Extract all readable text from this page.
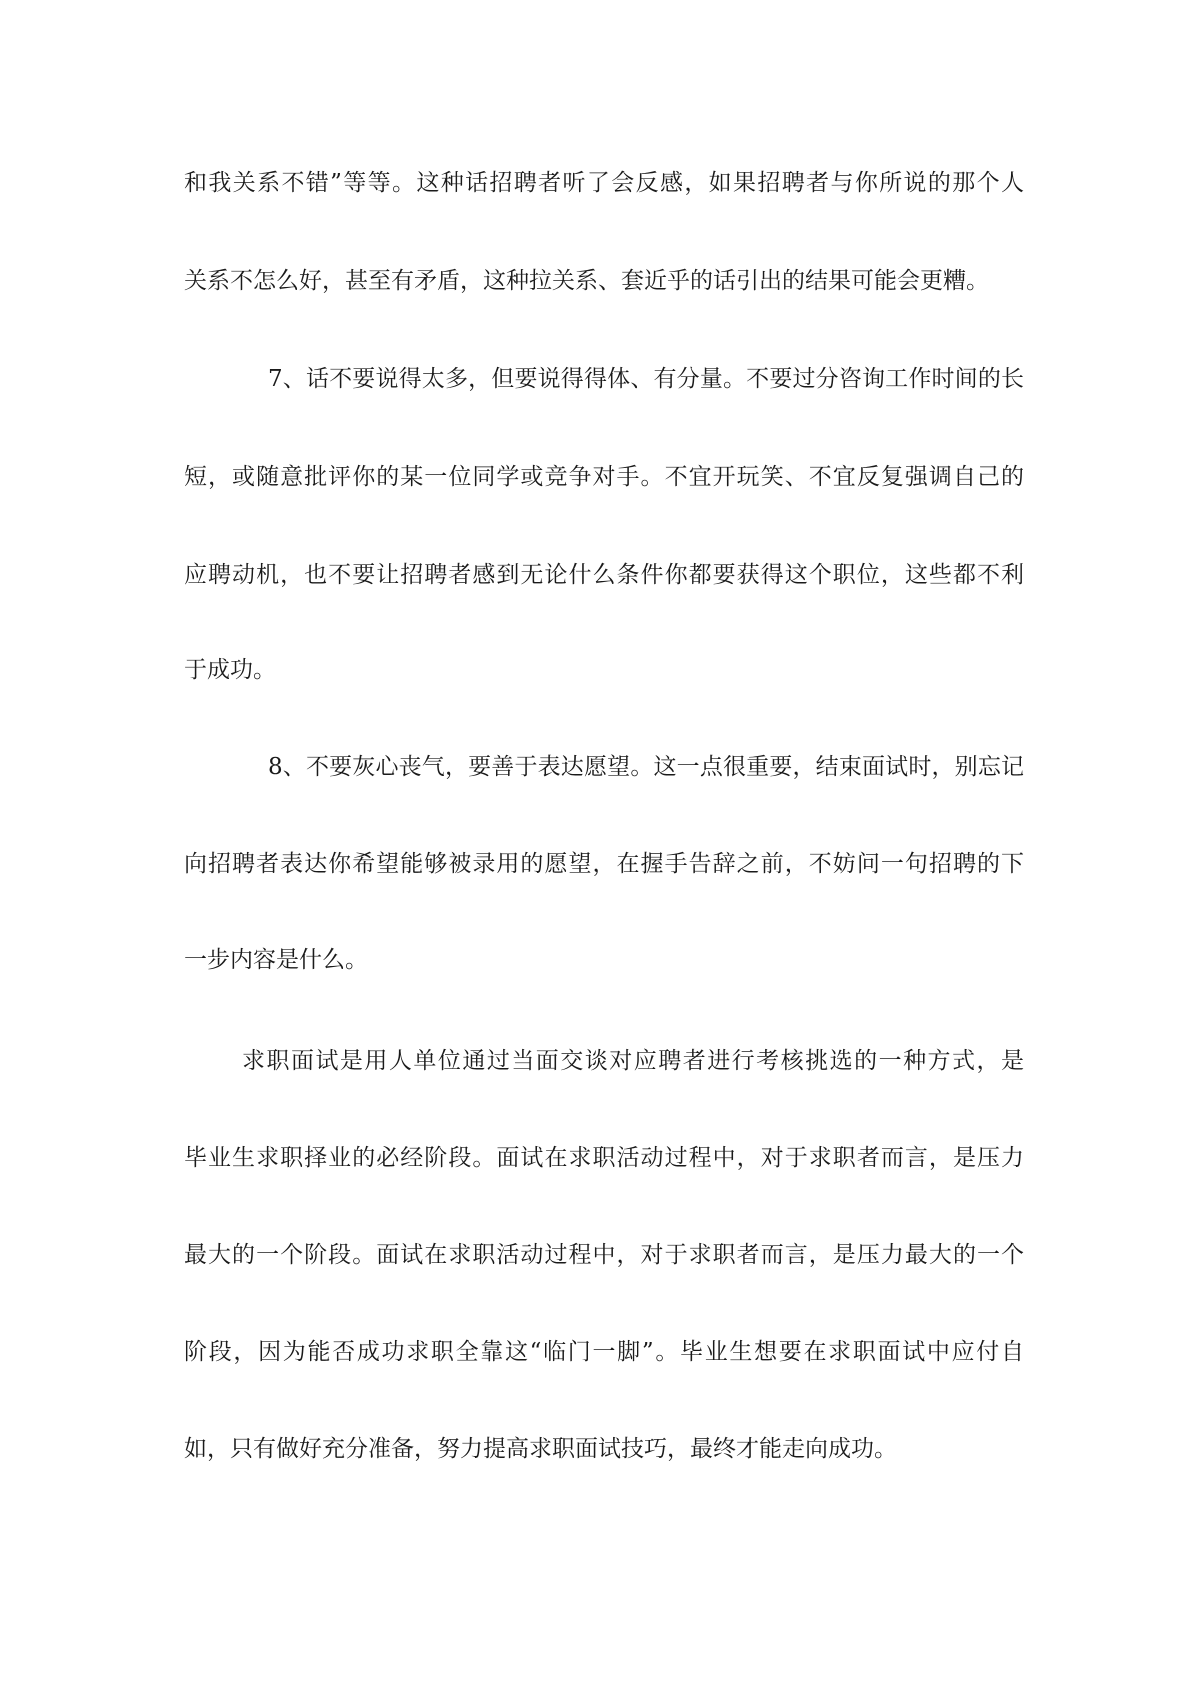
和我关系不错”等等。这种话招聘者听了会反感，如果招聘者与你所说的那个人
关系不怎么好，甚至有矛盾，这种拉关系、套近乎的话引出的结果可能会更糟。
7、话不要说得太多，但要说得得体、有分量。不要过分咨询工作时间的长
短，或随意批评你的某一位同学或竞争对手。不宜开玩笑、不宜反复强调自己的
应聘动机，也不要让招聘者感到无论什么条件你都要获得这个职位，这些都不利
于成功。
8、不要灰心丧气，要善于表达愿望。这一点很重要，结束面试时，别忘记
向招聘者表达你希望能够被录用的愿望，在握手告辞之前，不妨问一句招聘的下
一步内容是什么。
求职面试是用人单位通过当面交谈对应聘者进行考核挑选的一种方式，是
毕业生求职择业的必经阶段。面试在求职活动过程中，对于求职者而言，是压力
最大的一个阶段。面试在求职活动过程中，对于求职者而言，是压力最大的一个
阶段，因为能否成功求职全靠这“临门一脚”。毕业生想要在求职面试中应付自
如，只有做好充分准备，努力提高求职面试技巧，最终才能走向成功。
